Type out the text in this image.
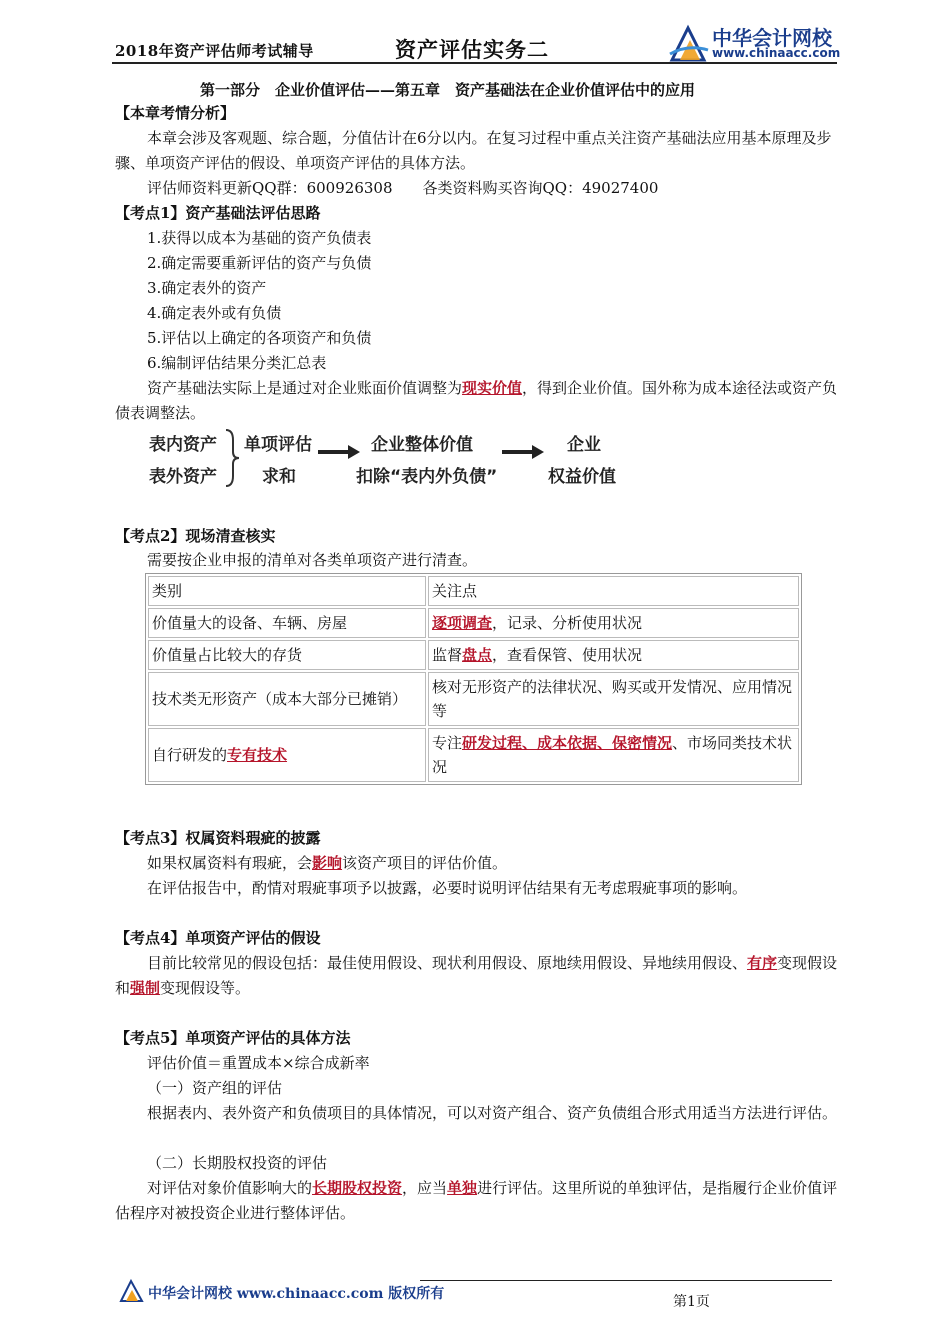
2018年资产评估师考试辅导	资产评估实务二	中华会计网校
www.chinaacc.com
第一部分　企业价值评估——第五章　资产基础法在企业价值评估中的应用
【本章考情分析】
本章会涉及客观题、综合题，分值估计在6分以内。在复习过程中重点关注资产基础法应用基本原理及步骤、单项资产评估的假设、单项资产评估的具体方法。
评估师资料更新QQ群：600926308　　各类资料购买咨询QQ：49027400
【考点1】资产基础法评估思路
1.获得以成本为基础的资产负债表
2.确定需要重新评估的资产与负债
3.确定表外的资产
4.确定表外或有负债
5.评估以上确定的各项资产和负债
6.编制评估结果分类汇总表
资产基础法实际上是通过对企业账面价值调整为现实价值，得到企业价值。国外称为成本途径法或资产负债表调整法。
表内资产
表外资产
单项评估
求和
企业整体价值
扣除“表内外负债”
企业
权益价值
【考点2】现场清查核实
需要按企业申报的清单对各类单项资产进行清查。
类别	关注点
价值量大的设备、车辆、房屋	逐项调查，记录、分析使用状况
价值量占比较大的存货	监督盘点，查看保管、使用状况
技术类无形资产（成本大部分已摊销）	核对无形资产的法律状况、购买或开发情况、应用情况等
自行研发的专有技术	专注研发过程、成本依据、保密情况、市场同类技术状况
【考点3】权属资料瑕疵的披露
如果权属资料有瑕疵，会影响该资产项目的评估价值。
在评估报告中，酌情对瑕疵事项予以披露，必要时说明评估结果有无考虑瑕疵事项的影响。
【考点4】单项资产评估的假设
目前比较常见的假设包括：最佳使用假设、现状利用假设、原地续用假设、异地续用假设、有序变现假设和强制变现假设等。
【考点5】单项资产评估的具体方法
评估价值＝重置成本×综合成新率
（一）资产组的评估
根据表内、表外资产和负债项目的具体情况，可以对资产组合、资产负债组合形式用适当方法进行评估。
（二）长期股权投资的评估
对评估对象价值影响大的长期股权投资，应当单独进行评估。这里所说的单独评估，是指履行企业价值评估程序对被投资企业进行整体评估。
中华会计网校 www.chinaacc.com 版权所有	第1页
